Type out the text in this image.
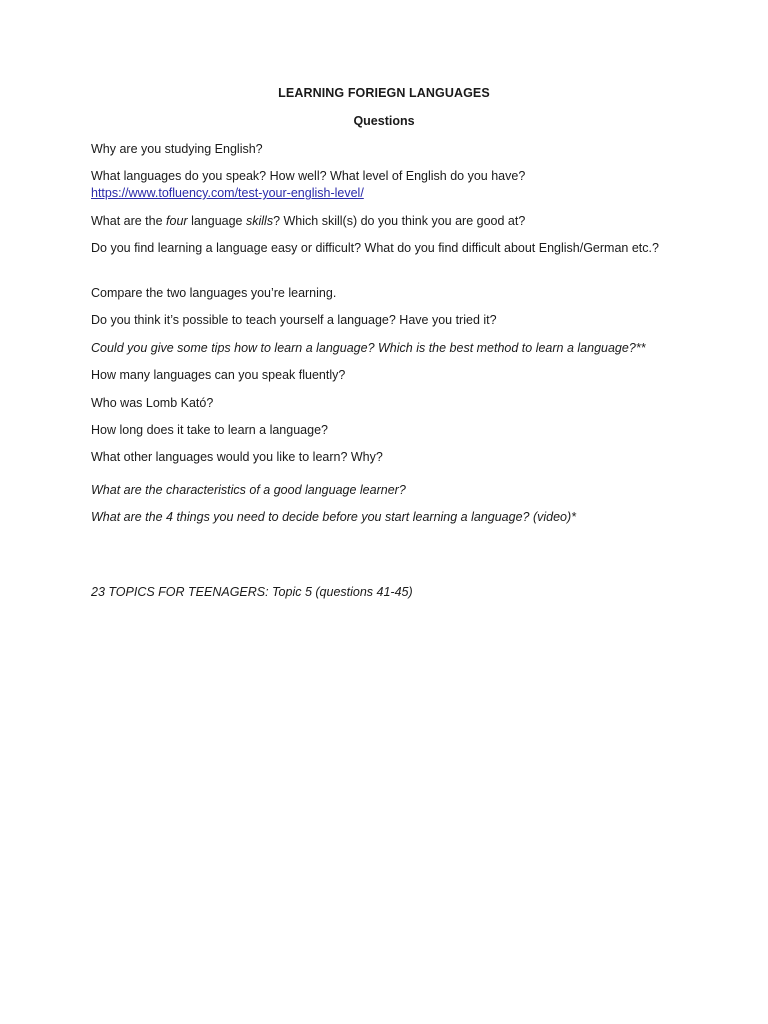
LEARNING FORIEGN LANGUAGES
Questions

Why are you studying English?

What languages do you speak? How well? What level of English do you have?
https://www.tofluency.com/test-your-english-level/

What are the four language skills? Which skill(s) do you think you are good at?

Do you find learning a language easy or difficult? What do you find difficult about English/German etc.?

Compare the two languages you’re learning.

Do you think it’s possible to teach yourself a language? Have you tried it?

Could you give some tips how to learn a language? Which is the best method to learn a language?**

How many languages can you speak fluently?

Who was Lomb Kató?

How long does it take to learn a language?

What other languages would you like to learn? Why?

What are the characteristics of a good language learner?

What are the 4 things you need to decide before you start learning a language? (video)*

23 TOPICS FOR TEENAGERS: Topic 5 (questions 41-45)
